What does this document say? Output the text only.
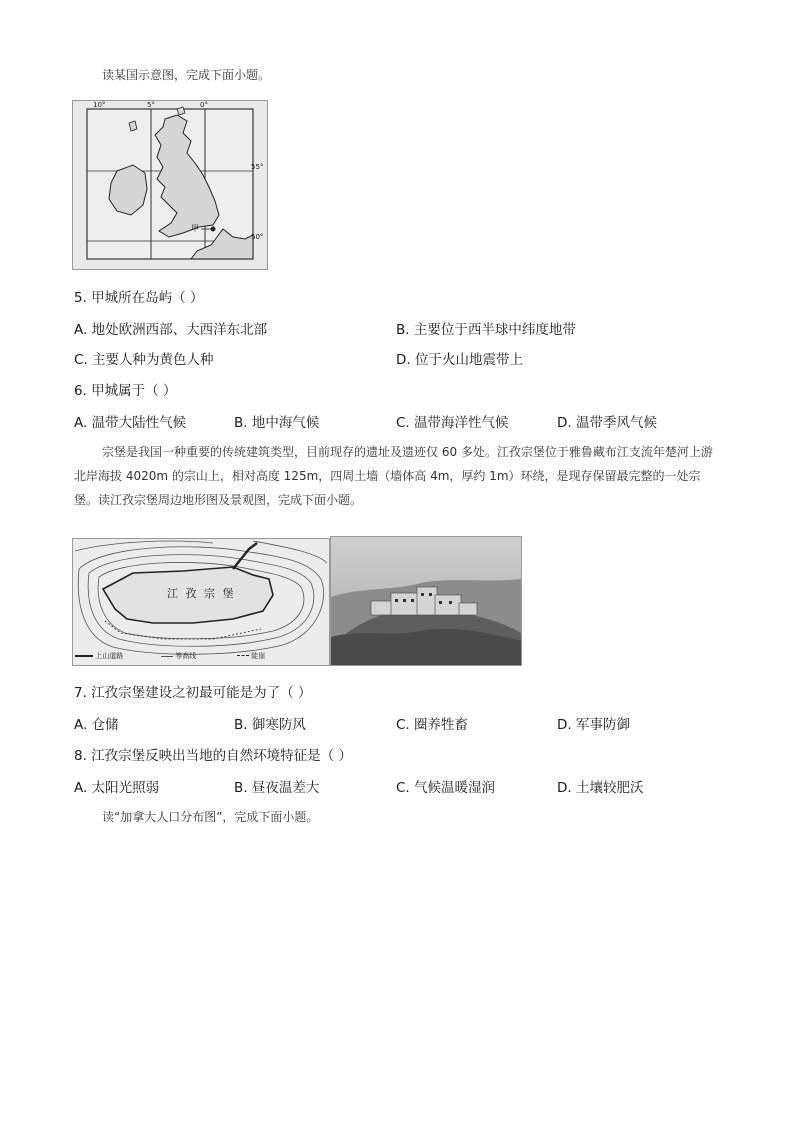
读某国示意图，完成下面小题。
10°	5°	0°
55°
50°
甲
5. 甲城所在岛屿（ ）
A. 地处欧洲西部、大西洋东北部	B. 主要位于西半球中纬度地带
C. 主要人种为黄色人种	D. 位于火山地震带上
6. 甲城属于（ ）
A. 温带大陆性气候	B. 地中海气候	C. 温带海洋性气候	D. 温带季风气候
宗堡是我国一种重要的传统建筑类型，目前现存的遗址及遗迹仅 60 多处。江孜宗堡位于雅鲁藏布江支流年楚河上游北岸海拔 4020m 的宗山上，相对高度 125m，四周土墙（墙体高 4m，厚约 1m）环绕，是现存保留最完整的一处宗堡。读江孜宗堡周边地形图及景观图，完成下面小题。
江 孜 宗 堡
上山道路	等高线	陡崖
7. 江孜宗堡建设之初最可能是为了（ ）
A. 仓储	B. 御寒防风	C. 圈养牲畜	D. 军事防御
8. 江孜宗堡反映出当地的自然环境特征是（ ）
A. 太阳光照弱	B. 昼夜温差大	C. 气候温暖湿润	D. 土壤较肥沃
读“加拿大人口分布图”，完成下面小题。
